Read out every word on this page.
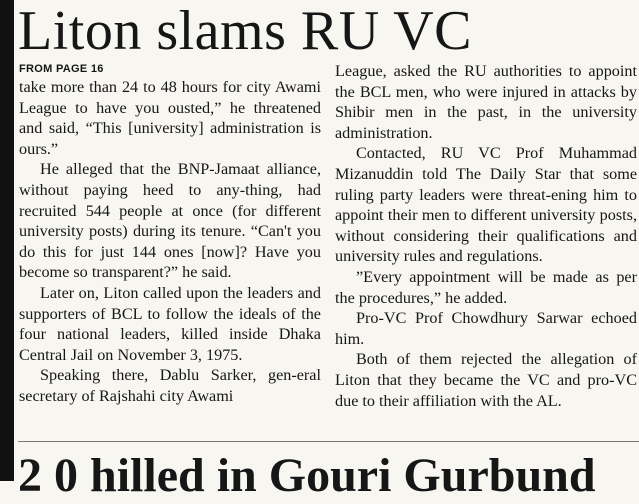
Liton slams RU VC
FROM PAGE 16

take more than 24 to 48 hours for city Awami League to have you ousted,” he threatened and said, “This [university] administration is ours.”

He alleged that the BNP-Jamaat alliance, without paying heed to any-thing, had recruited 544 people at once (for different university posts) during its tenure. “Can't you do this for just 144 ones [now]? Have you become so transparent?” he said.

Later on, Liton called upon the leaders and supporters of BCL to follow the ideals of the four national leaders, killed inside Dhaka Central Jail on November 3, 1975.

Speaking there, Dablu Sarker, gen-eral secretary of Rajshahi city Awami

League, asked the RU authorities to appoint the BCL men, who were injured in attacks by Shibir men in the past, in the university administration.

Contacted, RU VC Prof Muhammad Mizanuddin told The Daily Star that some ruling party leaders were threat-ening him to appoint their men to different university posts, without considering their qualifications and university rules and regulations.

”Every appointment will be made as per the procedures,” he added.

Pro-VC Prof Chowdhury Sarwar echoed him.

Both of them rejected the allegation of Liton that they became the VC and pro-VC due to their affiliation with the AL.

2 0 hilled in Gouri Gurbund
